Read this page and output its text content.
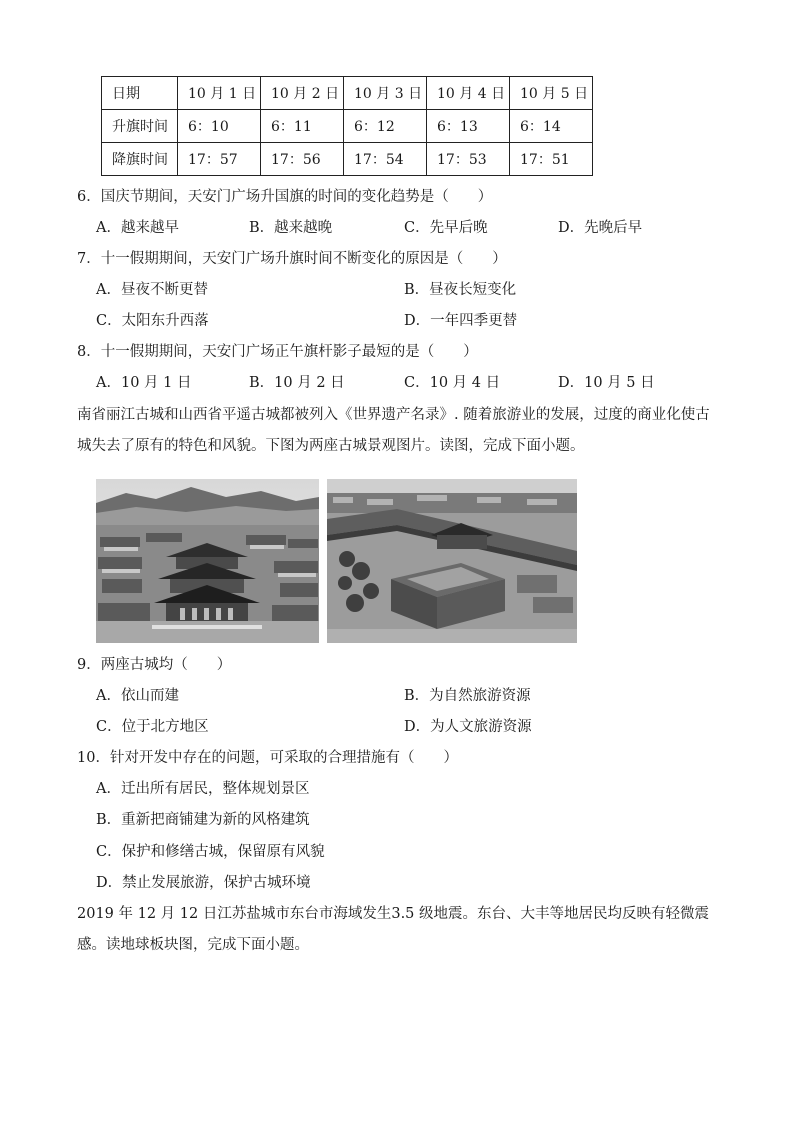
日期	10 月 1 日	10 月 2 日	10 月 3 日	10 月 4 日	10 月 5 日
升旗时间	6：10	6：11	6：12	6：13	6：14
降旗时间	17：57	17：56	17：54	17：53	17：51
6．国庆节期间，天安门广场升国旗的时间的变化趋势是（　　）
A．越来越早	B．越来越晚	C．先早后晚	D．先晚后早
7．十一假期期间，天安门广场升旗时间不断变化的原因是（　　）
A．昼夜不断更替	B．昼夜长短变化
C．太阳东升西落	D．一年四季更替
8．十一假期期间，天安门广场正午旗杆影子最短的是（　　）
A．10 月 1 日	B．10 月 2 日	C．10 月 4 日	D．10 月 5 日
南省丽江古城和山西省平遥古城都被列入《世界遗产名录》. 随着旅游业的发展，过度的商业化使古
城失去了原有的特色和风貌。下图为两座古城景观图片。读图，完成下面小题。
9．两座古城均（　　）
A．依山而建	B．为自然旅游资源
C．位于北方地区	D．为人文旅游资源
10．针对开发中存在的问题，可采取的合理措施有（　　）
A．迁出所有居民，整体规划景区
B．重新把商铺建为新的风格建筑
C．保护和修缮古城，保留原有风貌
D．禁止发展旅游，保护古城环境
2019 年 12 月 12 日江苏盐城市东台市海域发生3.5 级地震。东台、大丰等地居民均反映有轻微震
感。读地球板块图，完成下面小题。
